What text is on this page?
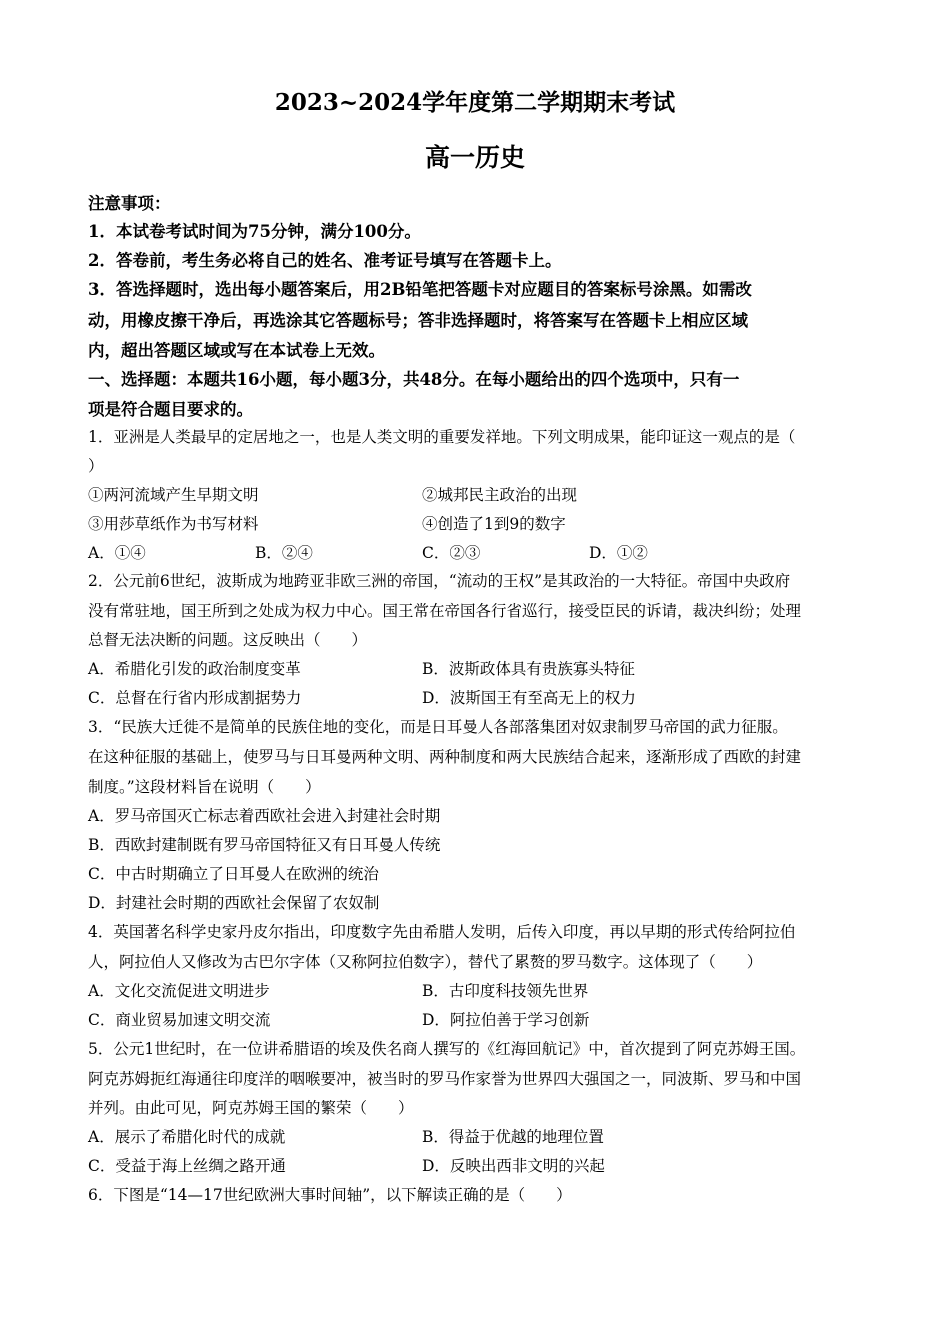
2023~2024学年度第二学期期末考试
高一历史
注意事项：
1．本试卷考试时间为75分钟，满分100分。
2．答卷前，考生务必将自己的姓名、准考证号填写在答题卡上。
3．答选择题时，选出每小题答案后，用2B铅笔把答题卡对应题目的答案标号涂黑。如需改
动，用橡皮擦干净后，再选涂其它答题标号；答非选择题时，将答案写在答题卡上相应区域
内，超出答题区域或写在本试卷上无效。
一、选择题：本题共16小题，每小题3分，共48分。在每小题给出的四个选项中，只有一
项是符合题目要求的。
1．亚洲是人类最早的定居地之一，也是人类文明的重要发祥地。下列文明成果，能印证这一观点的是（
）
①两河流域产生早期文明	②城邦民主政治的出现
③用莎草纸作为书写材料	④创造了1到9的数字
A．①④	B．②④	C．②③	D．①②
2．公元前6世纪，波斯成为地跨亚非欧三洲的帝国，“流动的王权”是其政治的一大特征。帝国中央政府
没有常驻地，国王所到之处成为权力中心。国王常在帝国各行省巡行，接受臣民的诉请，裁决纠纷；处理
总督无法决断的问题。这反映出（　　）
A．希腊化引发的政治制度变革	B．波斯政体具有贵族寡头特征
C．总督在行省内形成割据势力	D．波斯国王有至高无上的权力
3．“民族大迁徙不是简单的民族住地的变化，而是日耳曼人各部落集团对奴隶制罗马帝国的武力征服。
在这种征服的基础上，使罗马与日耳曼两种文明、两种制度和两大民族结合起来，逐渐形成了西欧的封建
制度。”这段材料旨在说明（　　）
A．罗马帝国灭亡标志着西欧社会进入封建社会时期
B．西欧封建制既有罗马帝国特征又有日耳曼人传统
C．中古时期确立了日耳曼人在欧洲的统治
D．封建社会时期的西欧社会保留了农奴制
4．英国著名科学史家丹皮尔指出，印度数字先由希腊人发明，后传入印度，再以早期的形式传给阿拉伯
人，阿拉伯人又修改为古巴尔字体（又称阿拉伯数字），替代了累赘的罗马数字。这体现了（　　）
A．文化交流促进文明进步	B．古印度科技领先世界
C．商业贸易加速文明交流	D．阿拉伯善于学习创新
5．公元1世纪时，在一位讲希腊语的埃及佚名商人撰写的《红海回航记》中，首次提到了阿克苏姆王国。
阿克苏姆扼红海通往印度洋的咽喉要冲，被当时的罗马作家誉为世界四大强国之一，同波斯、罗马和中国
并列。由此可见，阿克苏姆王国的繁荣（　　）
A．展示了希腊化时代的成就	B．得益于优越的地理位置
C．受益于海上丝绸之路开通	D．反映出西非文明的兴起
6．下图是“14—17世纪欧洲大事时间轴”，以下解读正确的是（　　）
